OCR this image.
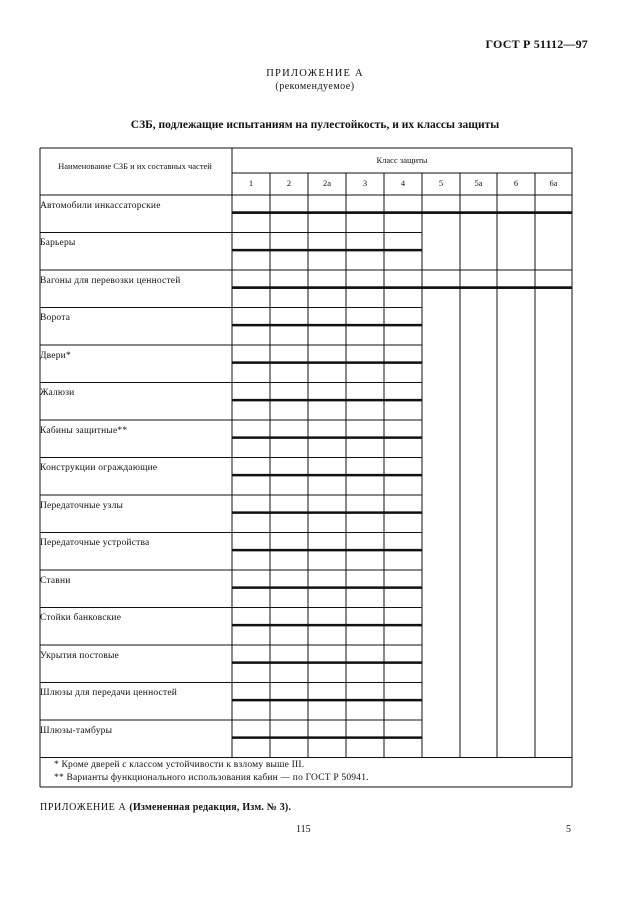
ГОСТ Р 51112—97
ПРИЛОЖЕНИЕ А
(рекомендуемое)
СЗБ, подлежащие испытаниям на пулестойкость, и их классы защиты
Наименование СЗБ и их составных частей
Класс защиты
1	2	2а	3	4	5	5а	6	6а
Автомобили инкассаторские
Барьеры
Вагоны для перевозки ценностей
Ворота
Двери*
Жалюзи
Кабины защитные**
Конструкции ограждающие
Передаточные узлы
Передаточные устройства
Ставни
Стойки банковские
Укрытия постовые
Шлюзы для передачи ценностей
Шлюзы-тамбуры
* Кроме дверей с классом устойчивости к взлому выше III.
** Варианты функционального использования кабин — по ГОСТ Р 50941.
ПРИЛОЖЕНИЕ А (Измененная редакция, Изм. № 3).
115	5
